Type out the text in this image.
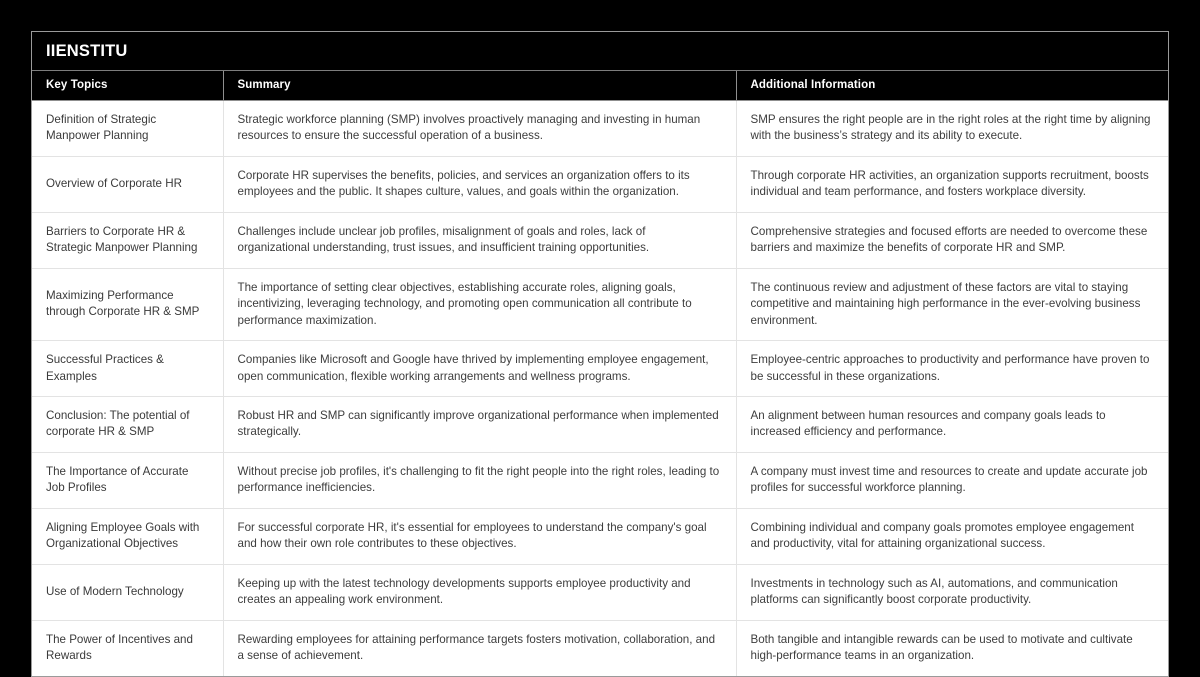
IIENSTITU
Key Topics	Summary	Additional Information
Definition of Strategic Manpower Planning	Strategic workforce planning (SMP) involves proactively managing and investing in human resources to ensure the successful operation of a business.	SMP ensures the right people are in the right roles at the right time by aligning with the business’s strategy and its ability to execute.
Overview of Corporate HR	Corporate HR supervises the benefits, policies, and services an organization offers to its employees and the public. It shapes culture, values, and goals within the organization.	Through corporate HR activities, an organization supports recruitment, boosts individual and team performance, and fosters workplace diversity.
Barriers to Corporate HR & Strategic Manpower Planning	Challenges include unclear job profiles, misalignment of goals and roles, lack of organizational understanding, trust issues, and insufficient training opportunities.	Comprehensive strategies and focused efforts are needed to overcome these barriers and maximize the benefits of corporate HR and SMP.
Maximizing Performance through Corporate HR & SMP	The importance of setting clear objectives, establishing accurate roles, aligning goals, incentivizing, leveraging technology, and promoting open communication all contribute to performance maximization.	The continuous review and adjustment of these factors are vital to staying competitive and maintaining high performance in the ever-evolving business environment.
Successful Practices & Examples	Companies like Microsoft and Google have thrived by implementing employee engagement, open communication, flexible working arrangements and wellness programs.	Employee-centric approaches to productivity and performance have proven to be successful in these organizations.
Conclusion: The potential of corporate HR & SMP	Robust HR and SMP can significantly improve organizational performance when implemented strategically.	An alignment between human resources and company goals leads to increased efficiency and performance.
The Importance of Accurate Job Profiles	Without precise job profiles, it's challenging to fit the right people into the right roles, leading to performance inefficiencies.	A company must invest time and resources to create and update accurate job profiles for successful workforce planning.
Aligning Employee Goals with Organizational Objectives	For successful corporate HR, it's essential for employees to understand the company's goal and how their own role contributes to these objectives.	Combining individual and company goals promotes employee engagement and productivity, vital for attaining organizational success.
Use of Modern Technology	Keeping up with the latest technology developments supports employee productivity and creates an appealing work environment.	Investments in technology such as AI, automations, and communication platforms can significantly boost corporate productivity.
The Power of Incentives and Rewards	Rewarding employees for attaining performance targets fosters motivation, collaboration, and a sense of achievement.	Both tangible and intangible rewards can be used to motivate and cultivate high-performance teams in an organization.
